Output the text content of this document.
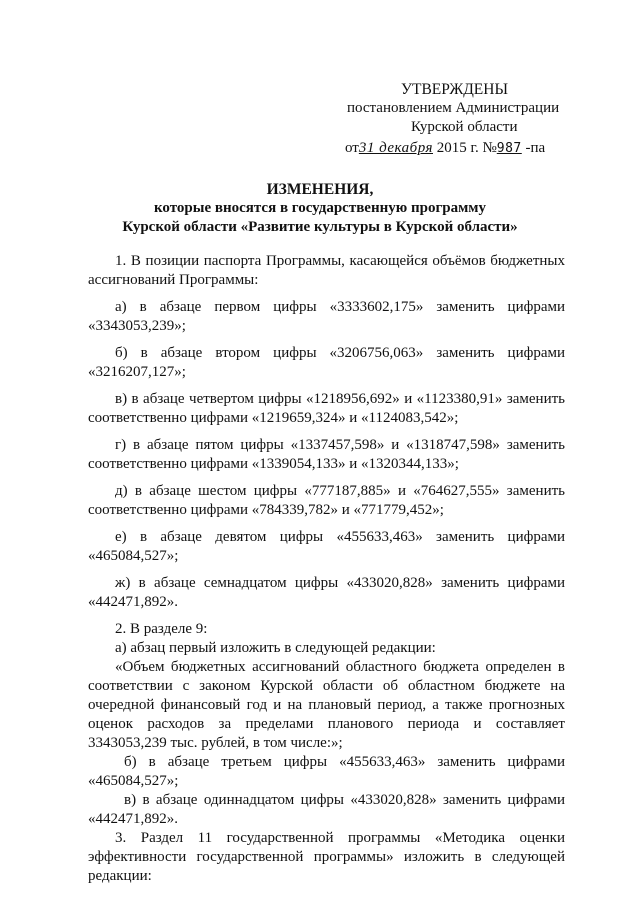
УТВЕРЖДЕНЫ
постановлением Администрации
Курской области
от31 декабря 2015 г. №987 -па
ИЗМЕНЕНИЯ,
которые вносятся в государственную программу
Курской области «Развитие культуры в Курской области»

1. В позиции паспорта Программы, касающейся объёмов бюджетных ассигнований Программы:

а) в абзаце первом цифры «3333602,175» заменить цифрами «3343053,239»;

б) в абзаце втором цифры «3206756,063» заменить цифрами «3216207,127»;

в) в абзаце четвертом цифры «1218956,692» и «1123380,91» заменить соответственно цифрами «1219659,324» и «1124083,542»;

г) в абзаце пятом цифры «1337457,598» и «1318747,598» заменить соответственно цифрами «1339054,133» и «1320344,133»;

д) в абзаце шестом цифры «777187,885» и «764627,555» заменить соответственно цифрами «784339,782» и «771779,452»;

е) в абзаце девятом цифры «455633,463» заменить цифрами «465084,527»;

ж) в абзаце семнадцатом цифры «433020,828» заменить цифрами «442471,892».

2. В разделе 9:

а) абзац первый изложить в следующей редакции:

«Объем бюджетных ассигнований областного бюджета определен в соответствии с законом Курской области об областном бюджете на очередной финансовый год и на плановый период, а также прогнозных оценок расходов за пределами планового периода и составляет 3343053,239 тыс. рублей, в том числе:»;

б) в абзаце третьем цифры «455633,463» заменить цифрами «465084,527»;

в) в абзаце одиннадцатом цифры «433020,828» заменить цифрами «442471,892».

3. Раздел 11 государственной программы «Методика оценки эффективности государственной программы» изложить в следующей редакции:
